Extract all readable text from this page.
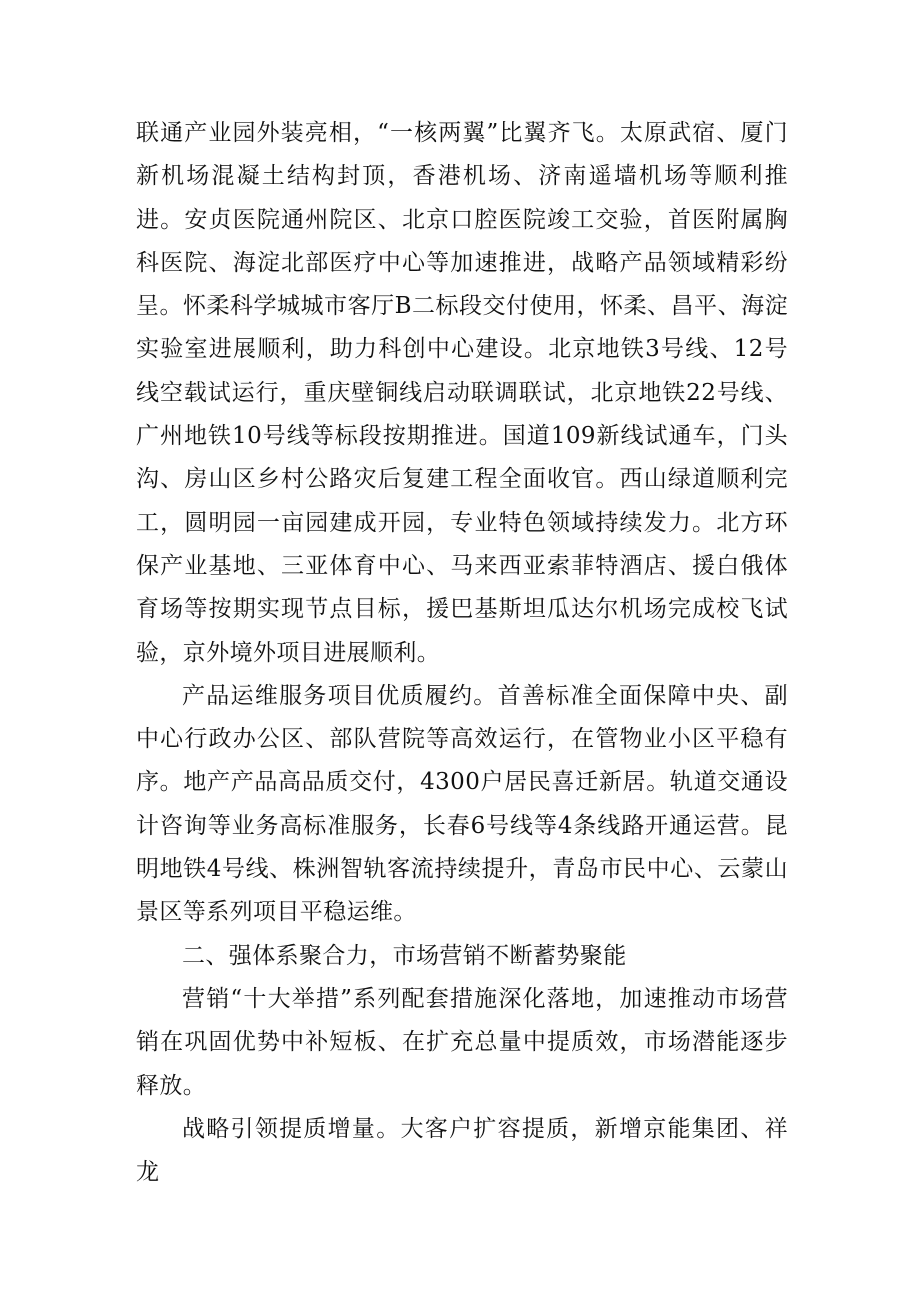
联通产业园外装亮相，“一核两翼”比翼齐飞。太原武宿、厦门新机场混凝土结构封顶，香港机场、济南遥墙机场等顺利推进。安贞医院通州院区、北京口腔医院竣工交验，首医附属胸科医院、海淀北部医疗中心等加速推进，战略产品领域精彩纷呈。怀柔科学城城市客厅B二标段交付使用，怀柔、昌平、海淀实验室进展顺利，助力科创中心建设。北京地铁3号线、12号线空载试运行，重庆壁铜线启动联调联试，北京地铁22号线、广州地铁10号线等标段按期推进。国道109新线试通车，门头沟、房山区乡村公路灾后复建工程全面收官。西山绿道顺利完工，圆明园一亩园建成开园，专业特色领域持续发力。北方环保产业基地、三亚体育中心、马来西亚索菲特酒店、援白俄体育场等按期实现节点目标，援巴基斯坦瓜达尔机场完成校飞试验，京外境外项目进展顺利。

产品运维服务项目优质履约。首善标准全面保障中央、副中心行政办公区、部队营院等高效运行，在管物业小区平稳有序。地产产品高品质交付，4300户居民喜迁新居。轨道交通设计咨询等业务高标准服务，长春6号线等4条线路开通运营。昆明地铁4号线、株洲智轨客流持续提升，青岛市民中心、云蒙山景区等系列项目平稳运维。

二、强体系聚合力，市场营销不断蓄势聚能

营销“十大举措”系列配套措施深化落地，加速推动市场营销在巩固优势中补短板、在扩充总量中提质效，市场潜能逐步释放。

战略引领提质增量。大客户扩容提质，新增京能集团、祥龙
